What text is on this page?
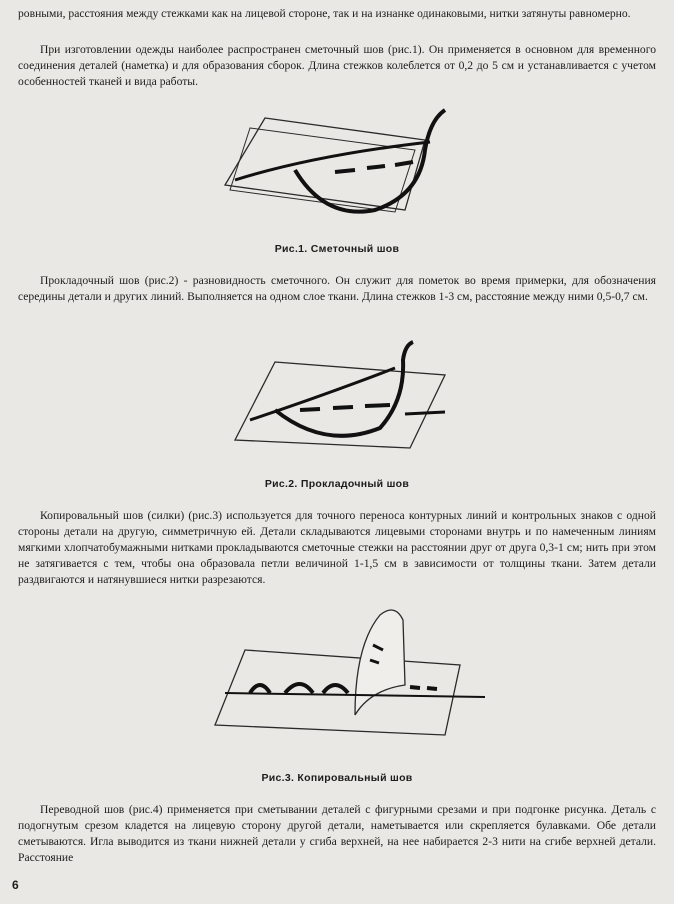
ровными, расстояния между стежками как на лицевой стороне, так и на изнанке одинаковыми, нитки затянуты равномерно.

При изготовлении одежды наиболее распространен сметочный шов (рис.1). Он применяется в основном для временного соединения деталей (наметка) и для образования сборок. Длина стежков колеблется от 0,2 до 5 см и устанавливается с учетом особенностей тканей и вида работы.

Рис.1. Сметочный шов

Прокладочный шов (рис.2) - разновидность сметочного. Он служит для пометок во время примерки, для обозначения середины детали и других линий. Выполняется на одном слое ткани. Длина стежков 1-3 см, расстояние между ними 0,5-0,7 см.

Рис.2. Прокладочный шов

Копировальный шов (силки) (рис.3) используется для точного переноса контурных линий и контрольных знаков с одной стороны детали на другую, симметричную ей. Детали складываются лицевыми сторонами внутрь и по намеченным линиям мягкими хлопчатобумажными нитками прокладываются сметочные стежки на расстоянии друг от друга 0,3-1 см; нить при этом не затягивается с тем, чтобы она образовала петли величиной 1-1,5 см в зависимости от толщины ткани. Затем детали раздвигаются и натянувшиеся нитки разрезаются.

Рис.3. Копировальный шов

Переводной шов (рис.4) применяется при сметывании деталей с фигурными срезами и при подгонке рисунка. Деталь с подогнутым срезом кладется на лицевую сторону другой детали, наметывается или скрепляется булавками. Обе детали сметываются. Игла выводится из ткани нижней детали у сгиба верхней, на нее набирается 2-3 нити на сгибе верхней детали. Расстояние

6
